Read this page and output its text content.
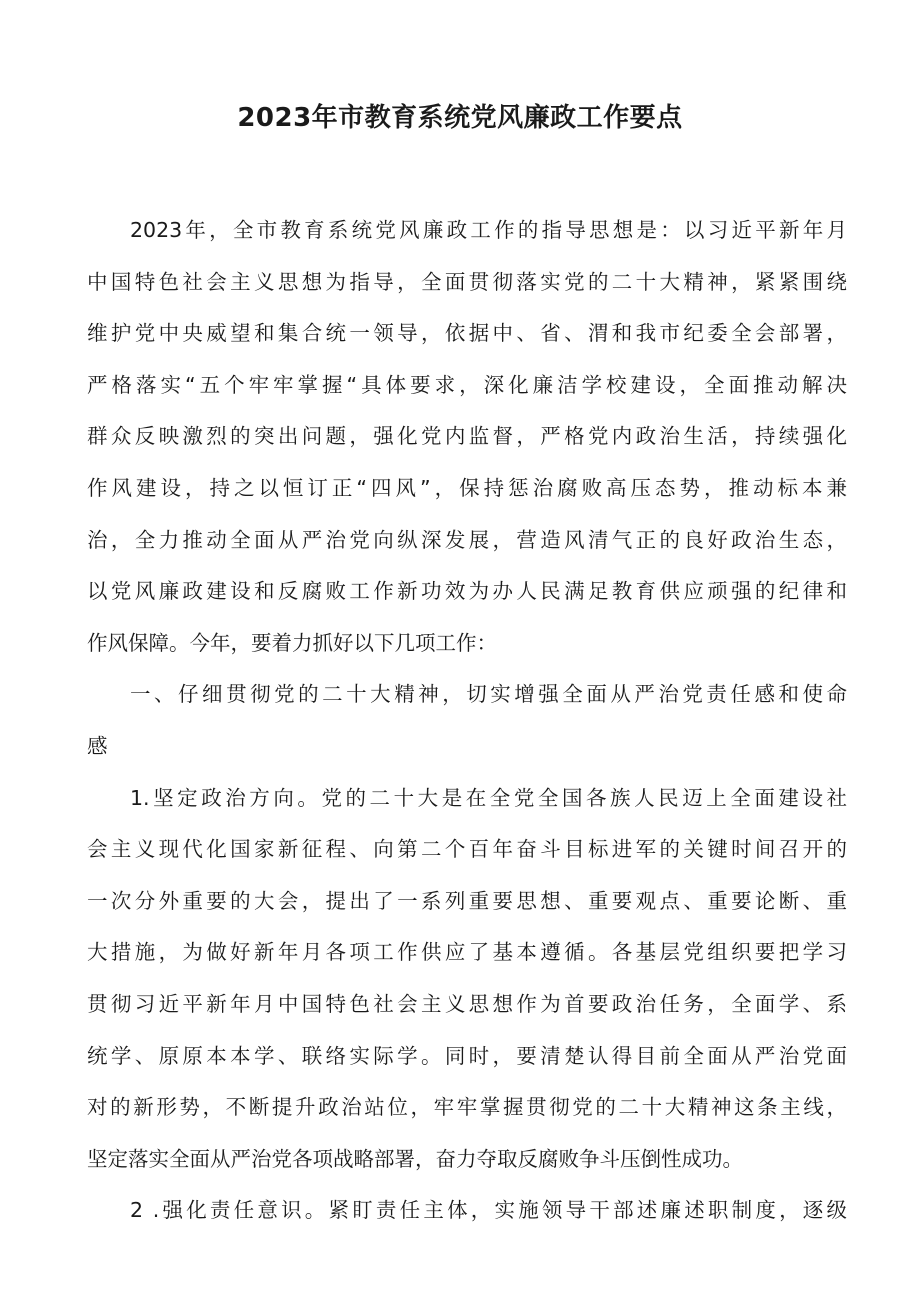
2023年市教育系统党风廉政工作要点
2023年，全市教育系统党风廉政工作的指导思想是：以习近平新年月
中国特色社会主义思想为指导，全面贯彻落实党的二十大精神，紧紧围绕
维护党中央威望和集合统一领导，依据中、省、渭和我市纪委全会部署，
严格落实“五个牢牢掌握“具体要求，深化廉洁学校建设，全面推动解决
群众反映激烈的突出问题，强化党内监督，严格党内政治生活，持续强化
作风建设，持之以恒订正“四风”，保持惩治腐败高压态势，推动标本兼
治，全力推动全面从严治党向纵深发展，营造风清气正的良好政治生态，
以党风廉政建设和反腐败工作新功效为办人民满足教育供应顽强的纪律和
作风保障。今年，要着力抓好以下几项工作：
一、仔细贯彻党的二十大精神，切实增强全面从严治党责任感和使命
感
1.坚定政治方向。党的二十大是在全党全国各族人民迈上全面建设社
会主义现代化国家新征程、向第二个百年奋斗目标进军的关键时间召开的
一次分外重要的大会，提出了一系列重要思想、重要观点、重要论断、重
大措施，为做好新年月各项工作供应了基本遵循。各基层党组织要把学习
贯彻习近平新年月中国特色社会主义思想作为首要政治任务，全面学、系
统学、原原本本学、联络实际学。同时，要清楚认得目前全面从严治党面
对的新形势，不断提升政治站位，牢牢掌握贯彻党的二十大精神这条主线，
坚定落实全面从严治党各项战略部署，奋力夺取反腐败争斗压倒性成功。
2 .强化责任意识。紧盯责任主体，实施领导干部述廉述职制度，逐级
